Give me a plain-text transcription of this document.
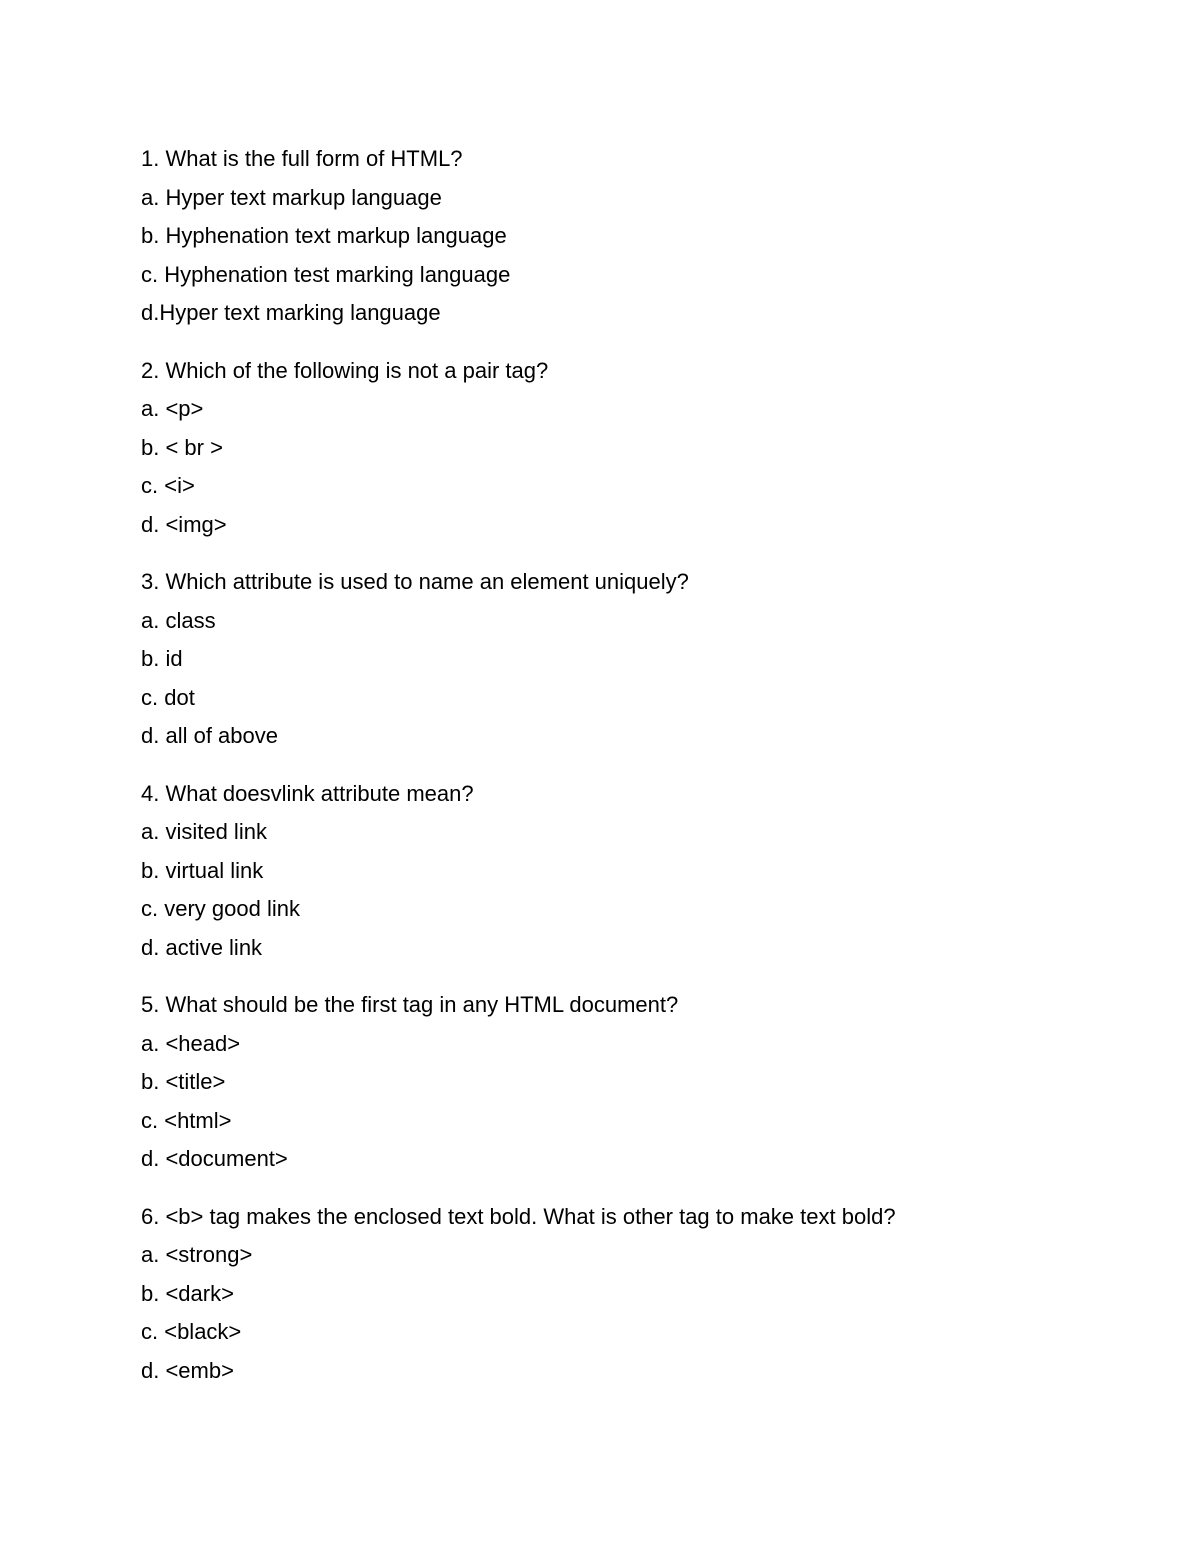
1. What is the full form of HTML?
a. Hyper text markup language
b. Hyphenation text markup language
c. Hyphenation test marking language
d.Hyper text marking language
2. Which of the following is not a pair tag?
a. <p>
b. < br >
c. <i>
d. <img>
3. Which attribute is used to name an element uniquely?
a. class
b. id
c. dot
d. all of above
4. What doesvlink attribute mean?
a. visited link
b. virtual link
c. very good link
d. active link
5. What should be the first tag in any HTML document?
a. <head>
b. <title>
c. <html>
d. <document>
6. <b> tag makes the enclosed text bold. What is other tag to make text bold?
a. <strong>
b. <dark>
c. <black>
d. <emb>
